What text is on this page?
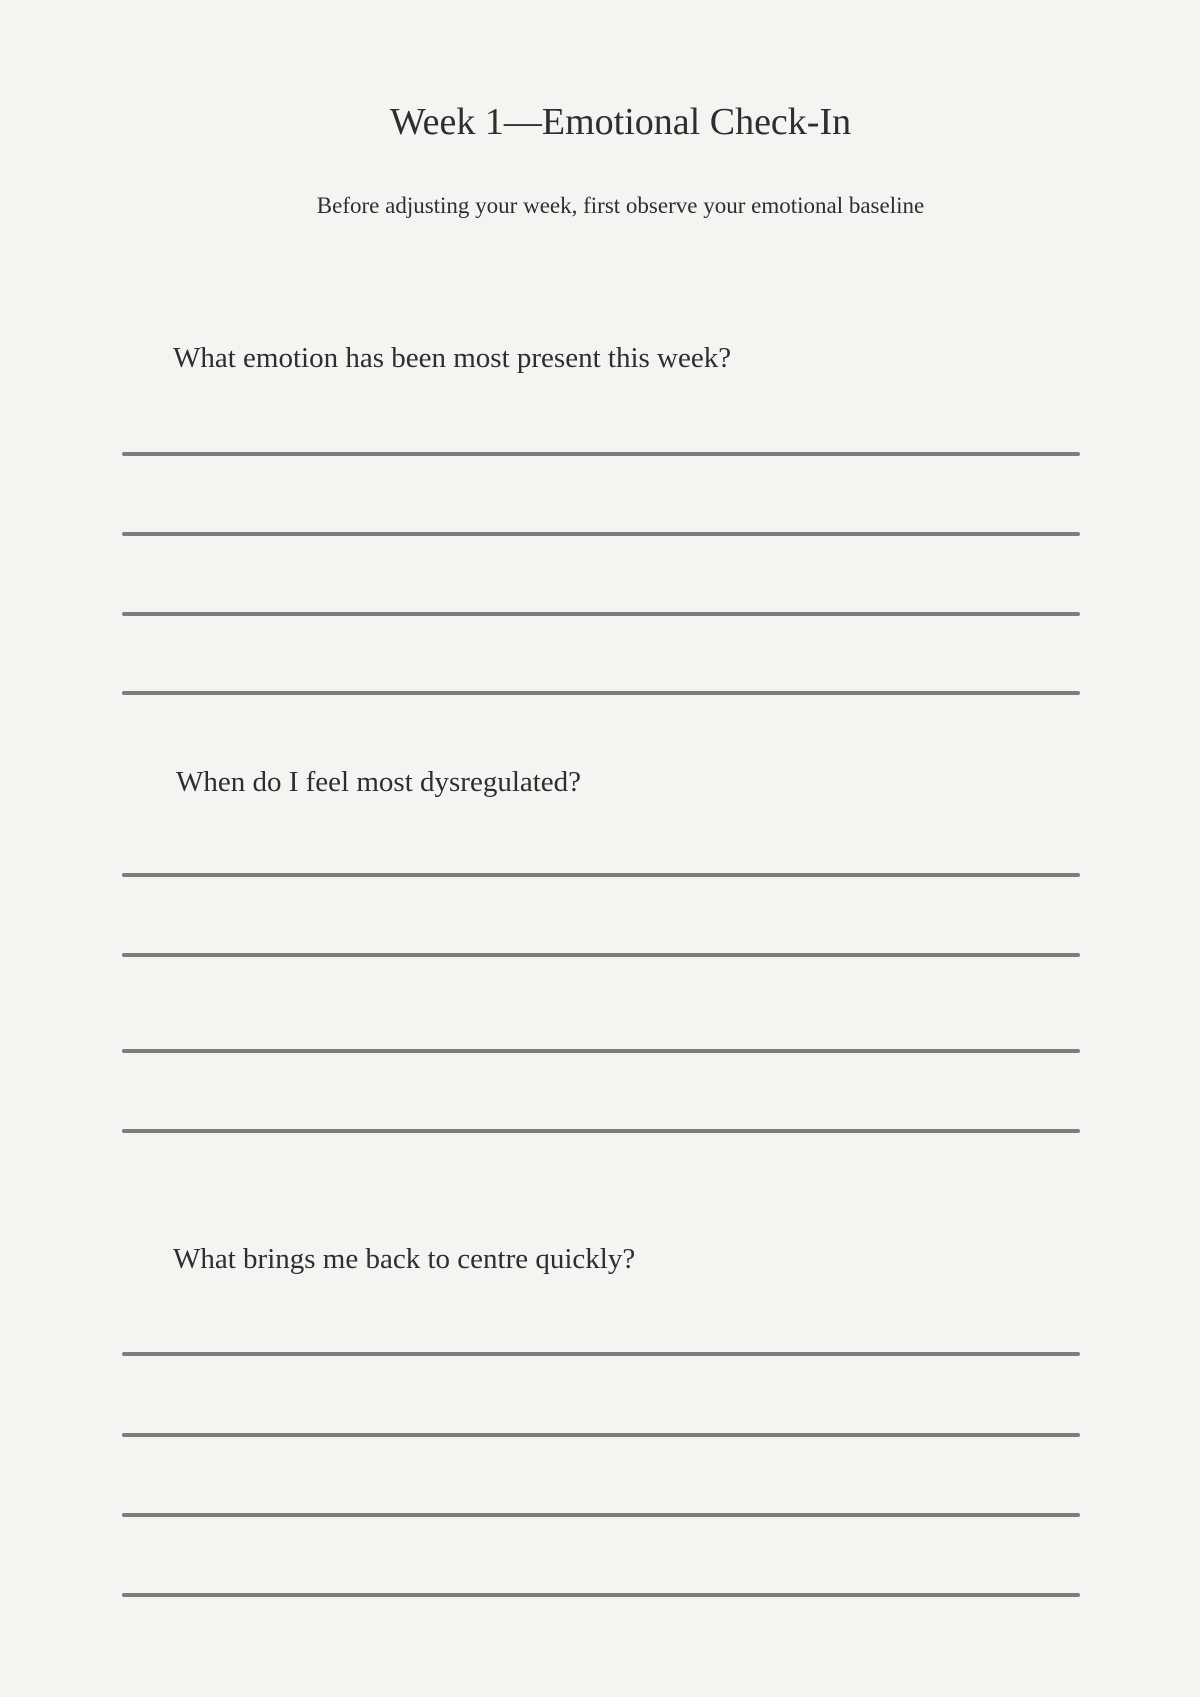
Week 1—Emotional Check-In

Before adjusting your week, first observe your emotional baseline

What emotion has been most present this week?
When do I feel most dysregulated?
What brings me back to centre quickly?
